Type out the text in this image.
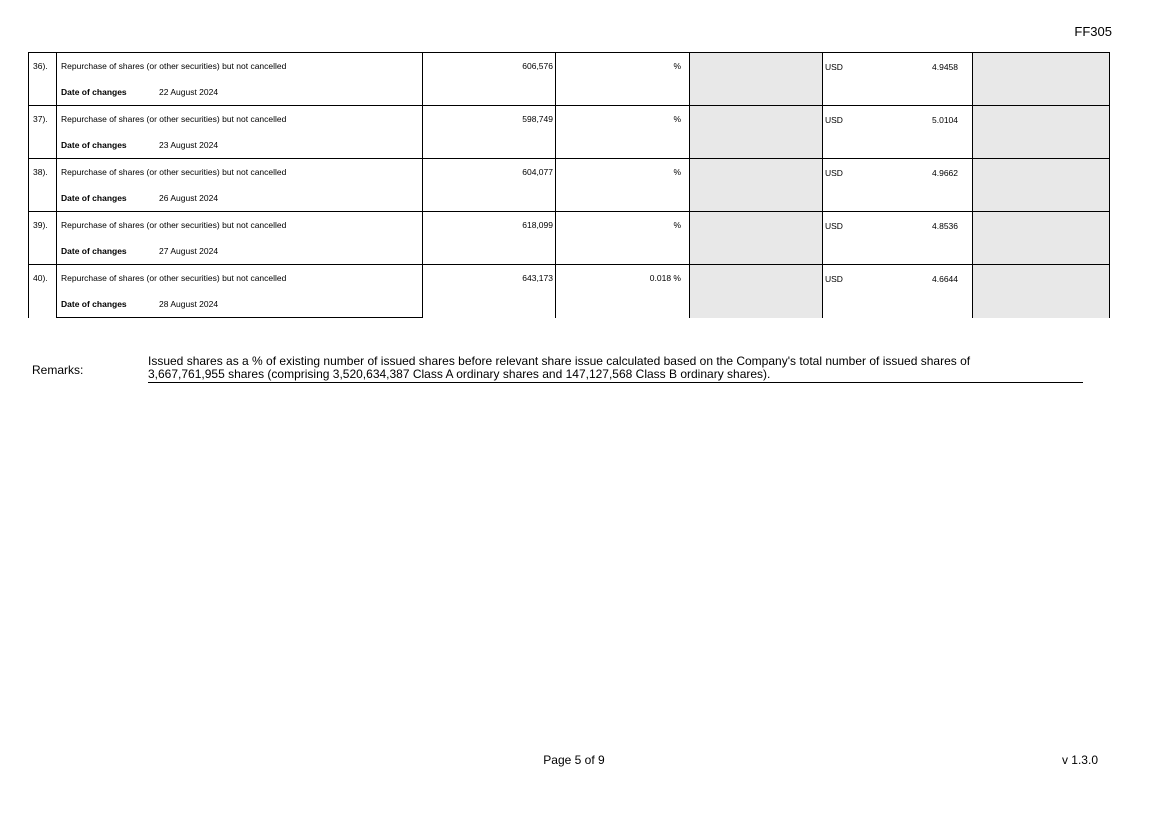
FF305
36).	Repurchase of shares (or other securities) but not cancelled	606,576	%		USD 4.9458	

	Date of changes 22 August 2024					
37).	Repurchase of shares (or other securities) but not cancelled	598,749	%		USD 5.0104	

	Date of changes 23 August 2024					
38).	Repurchase of shares (or other securities) but not cancelled	604,077	%		USD 4.9662	

	Date of changes 26 August 2024					
39).	Repurchase of shares (or other securities) but not cancelled	618,099	%		USD 4.8536	

	Date of changes 27 August 2024					
40).	Repurchase of shares (or other securities) but not cancelled	643,173	0.018 %		USD 4.6644	

	Date of changes 28 August 2024					
Remarks:
Issued shares as a % of existing number of issued shares before relevant share issue calculated based on the Company's total number of issued shares of
3,667,761,955 shares (comprising 3,520,634,387 Class A ordinary shares and 147,127,568 Class B ordinary shares).
Page 5 of 9	v 1.3.0
